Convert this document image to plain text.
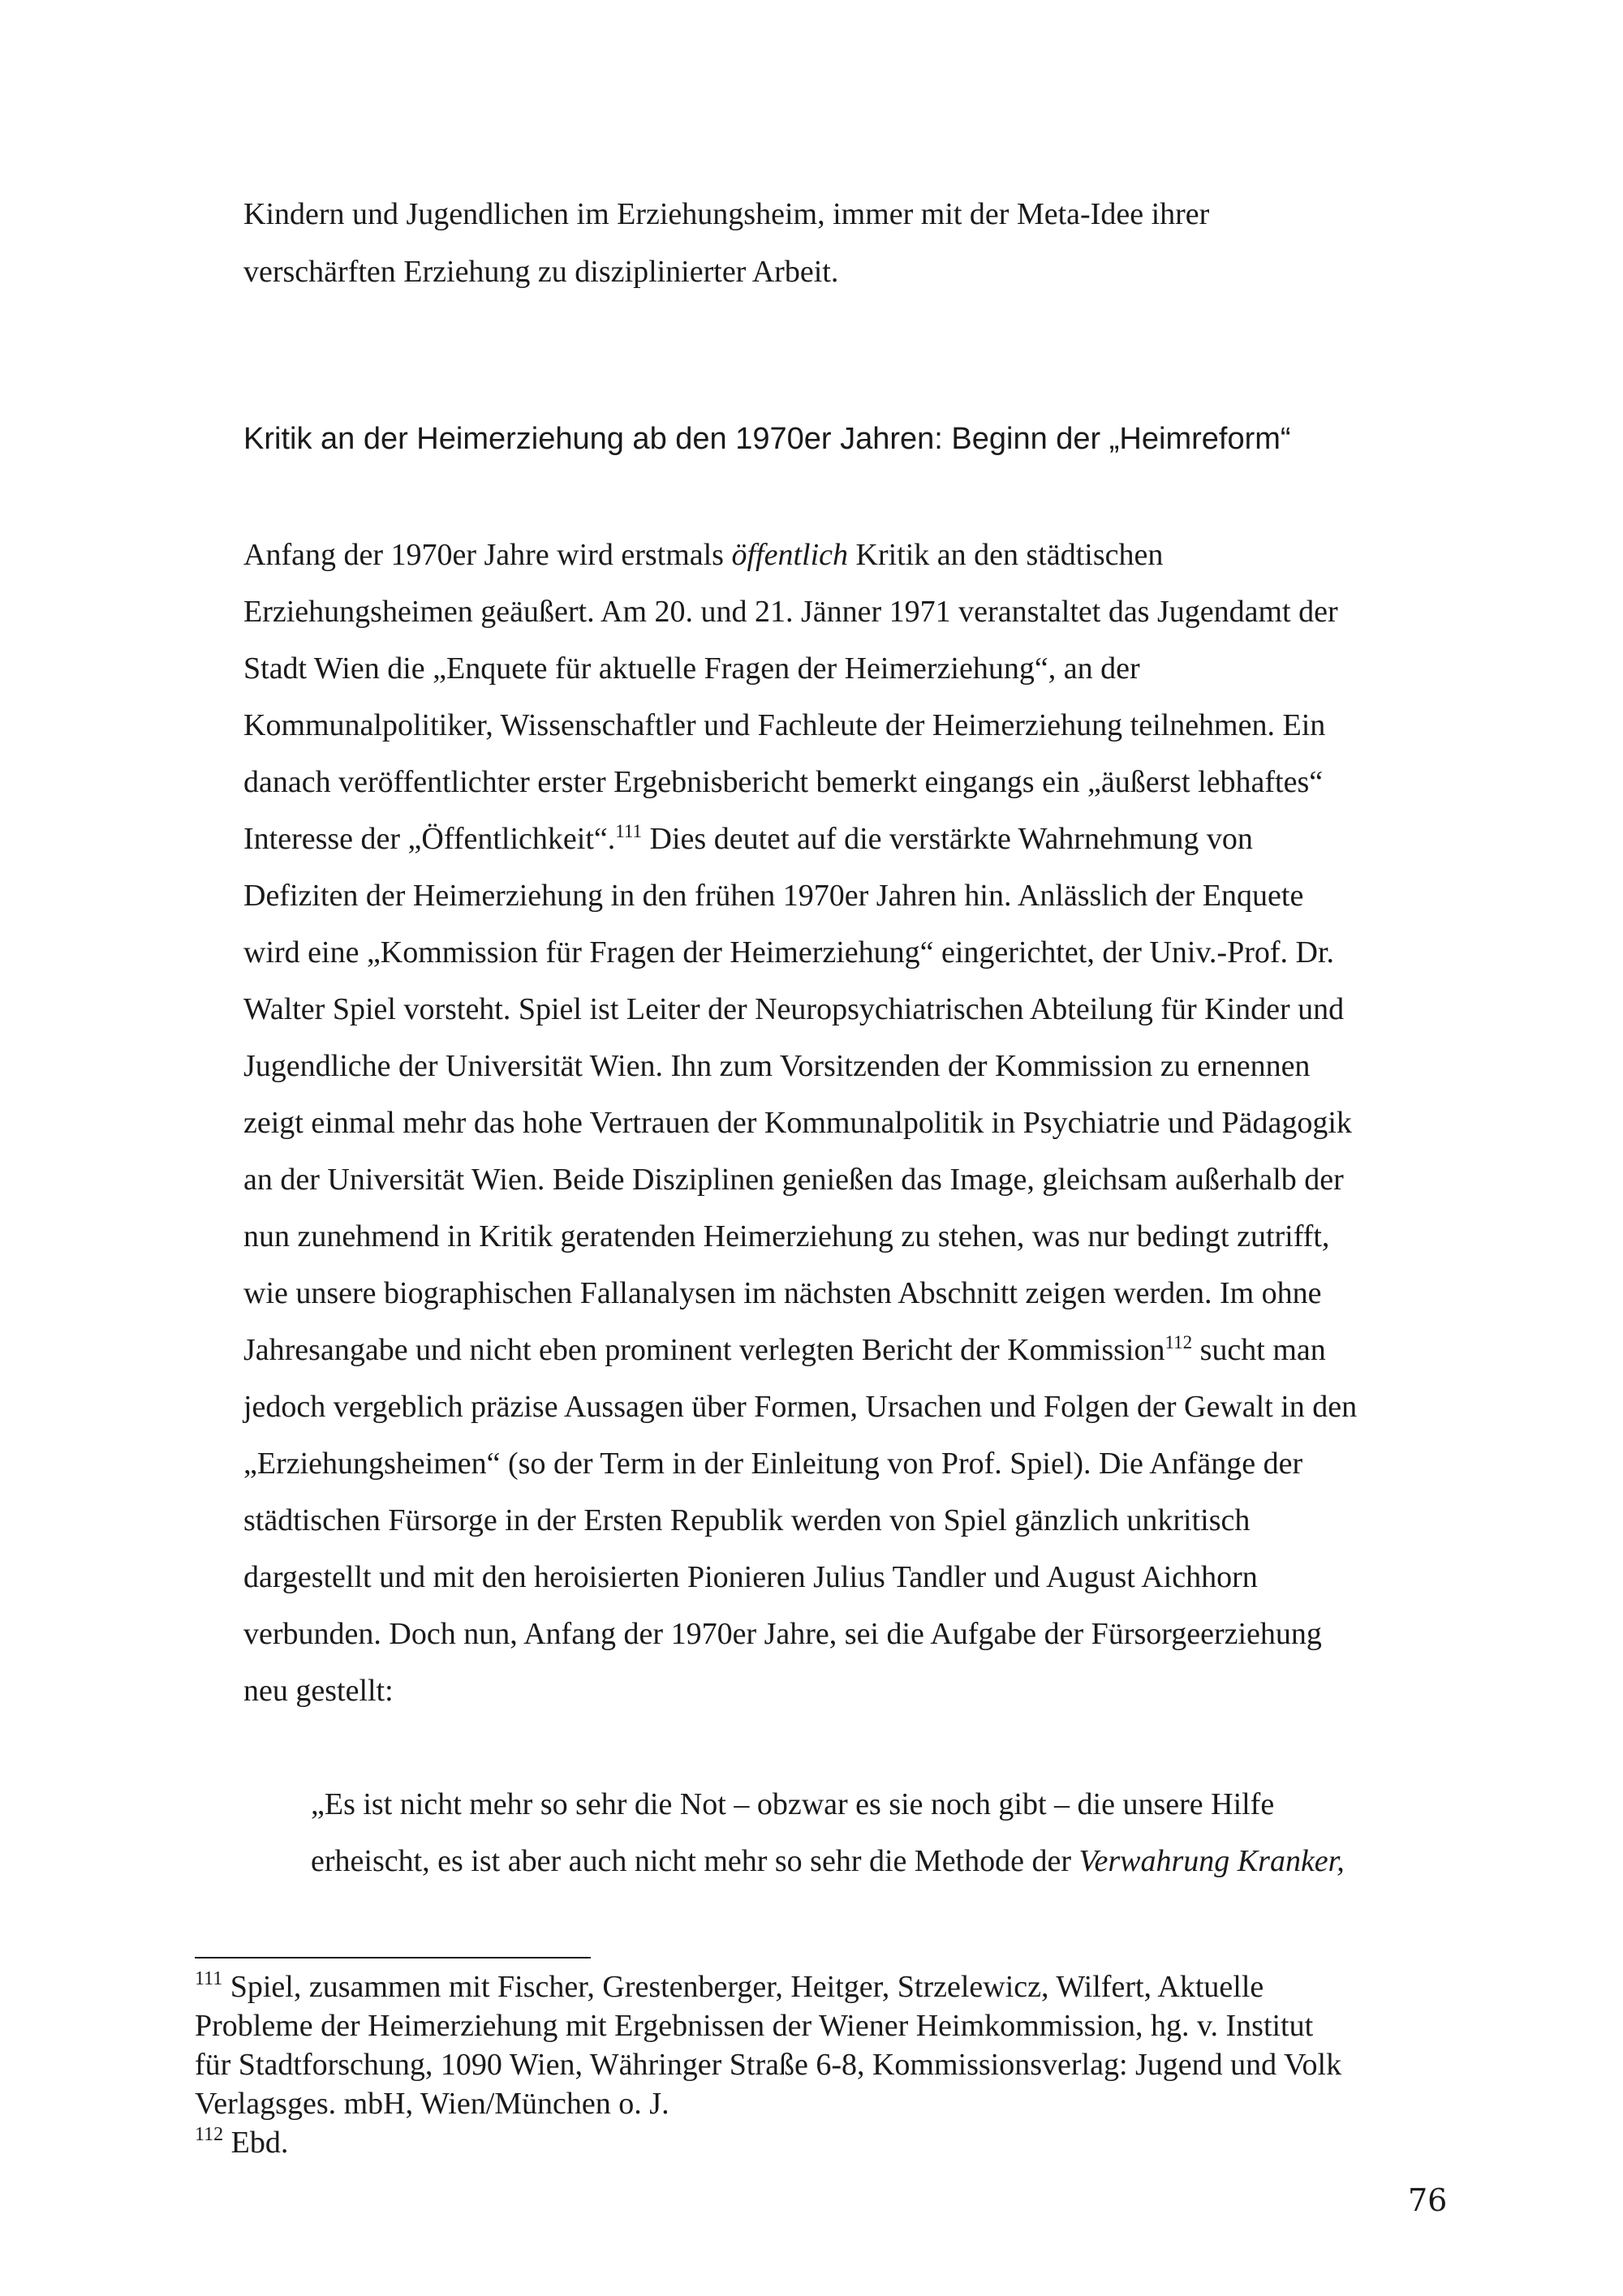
Kindern und Jugendlichen im Erziehungsheim, immer mit der Meta-Idee ihrer
verschärften Erziehung zu disziplinierter Arbeit.
Kritik an der Heimerziehung ab den 1970er Jahren: Beginn der „Heimreform“
Anfang der 1970er Jahre wird erstmals öffentlich Kritik an den städtischen
Erziehungsheimen geäußert. Am 20. und 21. Jänner 1971 veranstaltet das Jugendamt der
Stadt Wien die „Enquete für aktuelle Fragen der Heimerziehung“, an der
Kommunalpolitiker, Wissenschaftler und Fachleute der Heimerziehung teilnehmen. Ein
danach veröffentlichter erster Ergebnisbericht bemerkt eingangs ein „äußerst lebhaftes“
Interesse der „Öffentlichkeit“.$^{111}$ Dies deutet auf die verstärkte Wahrnehmung von
Defiziten der Heimerziehung in den frühen 1970er Jahren hin. Anlässlich der Enquete
wird eine „Kommission für Fragen der Heimerziehung“ eingerichtet, der Univ.-Prof. Dr.
Walter Spiel vorsteht. Spiel ist Leiter der Neuropsychiatrischen Abteilung für Kinder und
Jugendliche der Universität Wien. Ihn zum Vorsitzenden der Kommission zu ernennen
zeigt einmal mehr das hohe Vertrauen der Kommunalpolitik in Psychiatrie und Pädagogik
an der Universität Wien. Beide Disziplinen genießen das Image, gleichsam außerhalb der
nun zunehmend in Kritik geratenden Heimerziehung zu stehen, was nur bedingt zutrifft,
wie unsere biographischen Fallanalysen im nächsten Abschnitt zeigen werden. Im ohne
Jahresangabe und nicht eben prominent verlegten Bericht der Kommission$^{112}$ sucht man
jedoch vergeblich präzise Aussagen über Formen, Ursachen und Folgen der Gewalt in den
„Erziehungsheimen“ (so der Term in der Einleitung von Prof. Spiel). Die Anfänge der
städtischen Fürsorge in der Ersten Republik werden von Spiel gänzlich unkritisch
dargestellt und mit den heroisierten Pionieren Julius Tandler und August Aichhorn
verbunden. Doch nun, Anfang der 1970er Jahre, sei die Aufgabe der Fürsorgeerziehung
neu gestellt:
„Es ist nicht mehr so sehr die Not – obzwar es sie noch gibt – die unsere Hilfe
erheischt, es ist aber auch nicht mehr so sehr die Methode der Verwahrung Kranker,
$^{111}$ Spiel, zusammen mit Fischer, Grestenberger, Heitger, Strzelewicz, Wilfert, Aktuelle
Probleme der Heimerziehung mit Ergebnissen der Wiener Heimkommission, hg. v. Institut
für Stadtforschung, 1090 Wien, Währinger Straße 6-8, Kommissionsverlag: Jugend und Volk
Verlagsges. mbH, Wien/München o. J.
$^{112}$ Ebd.
76
